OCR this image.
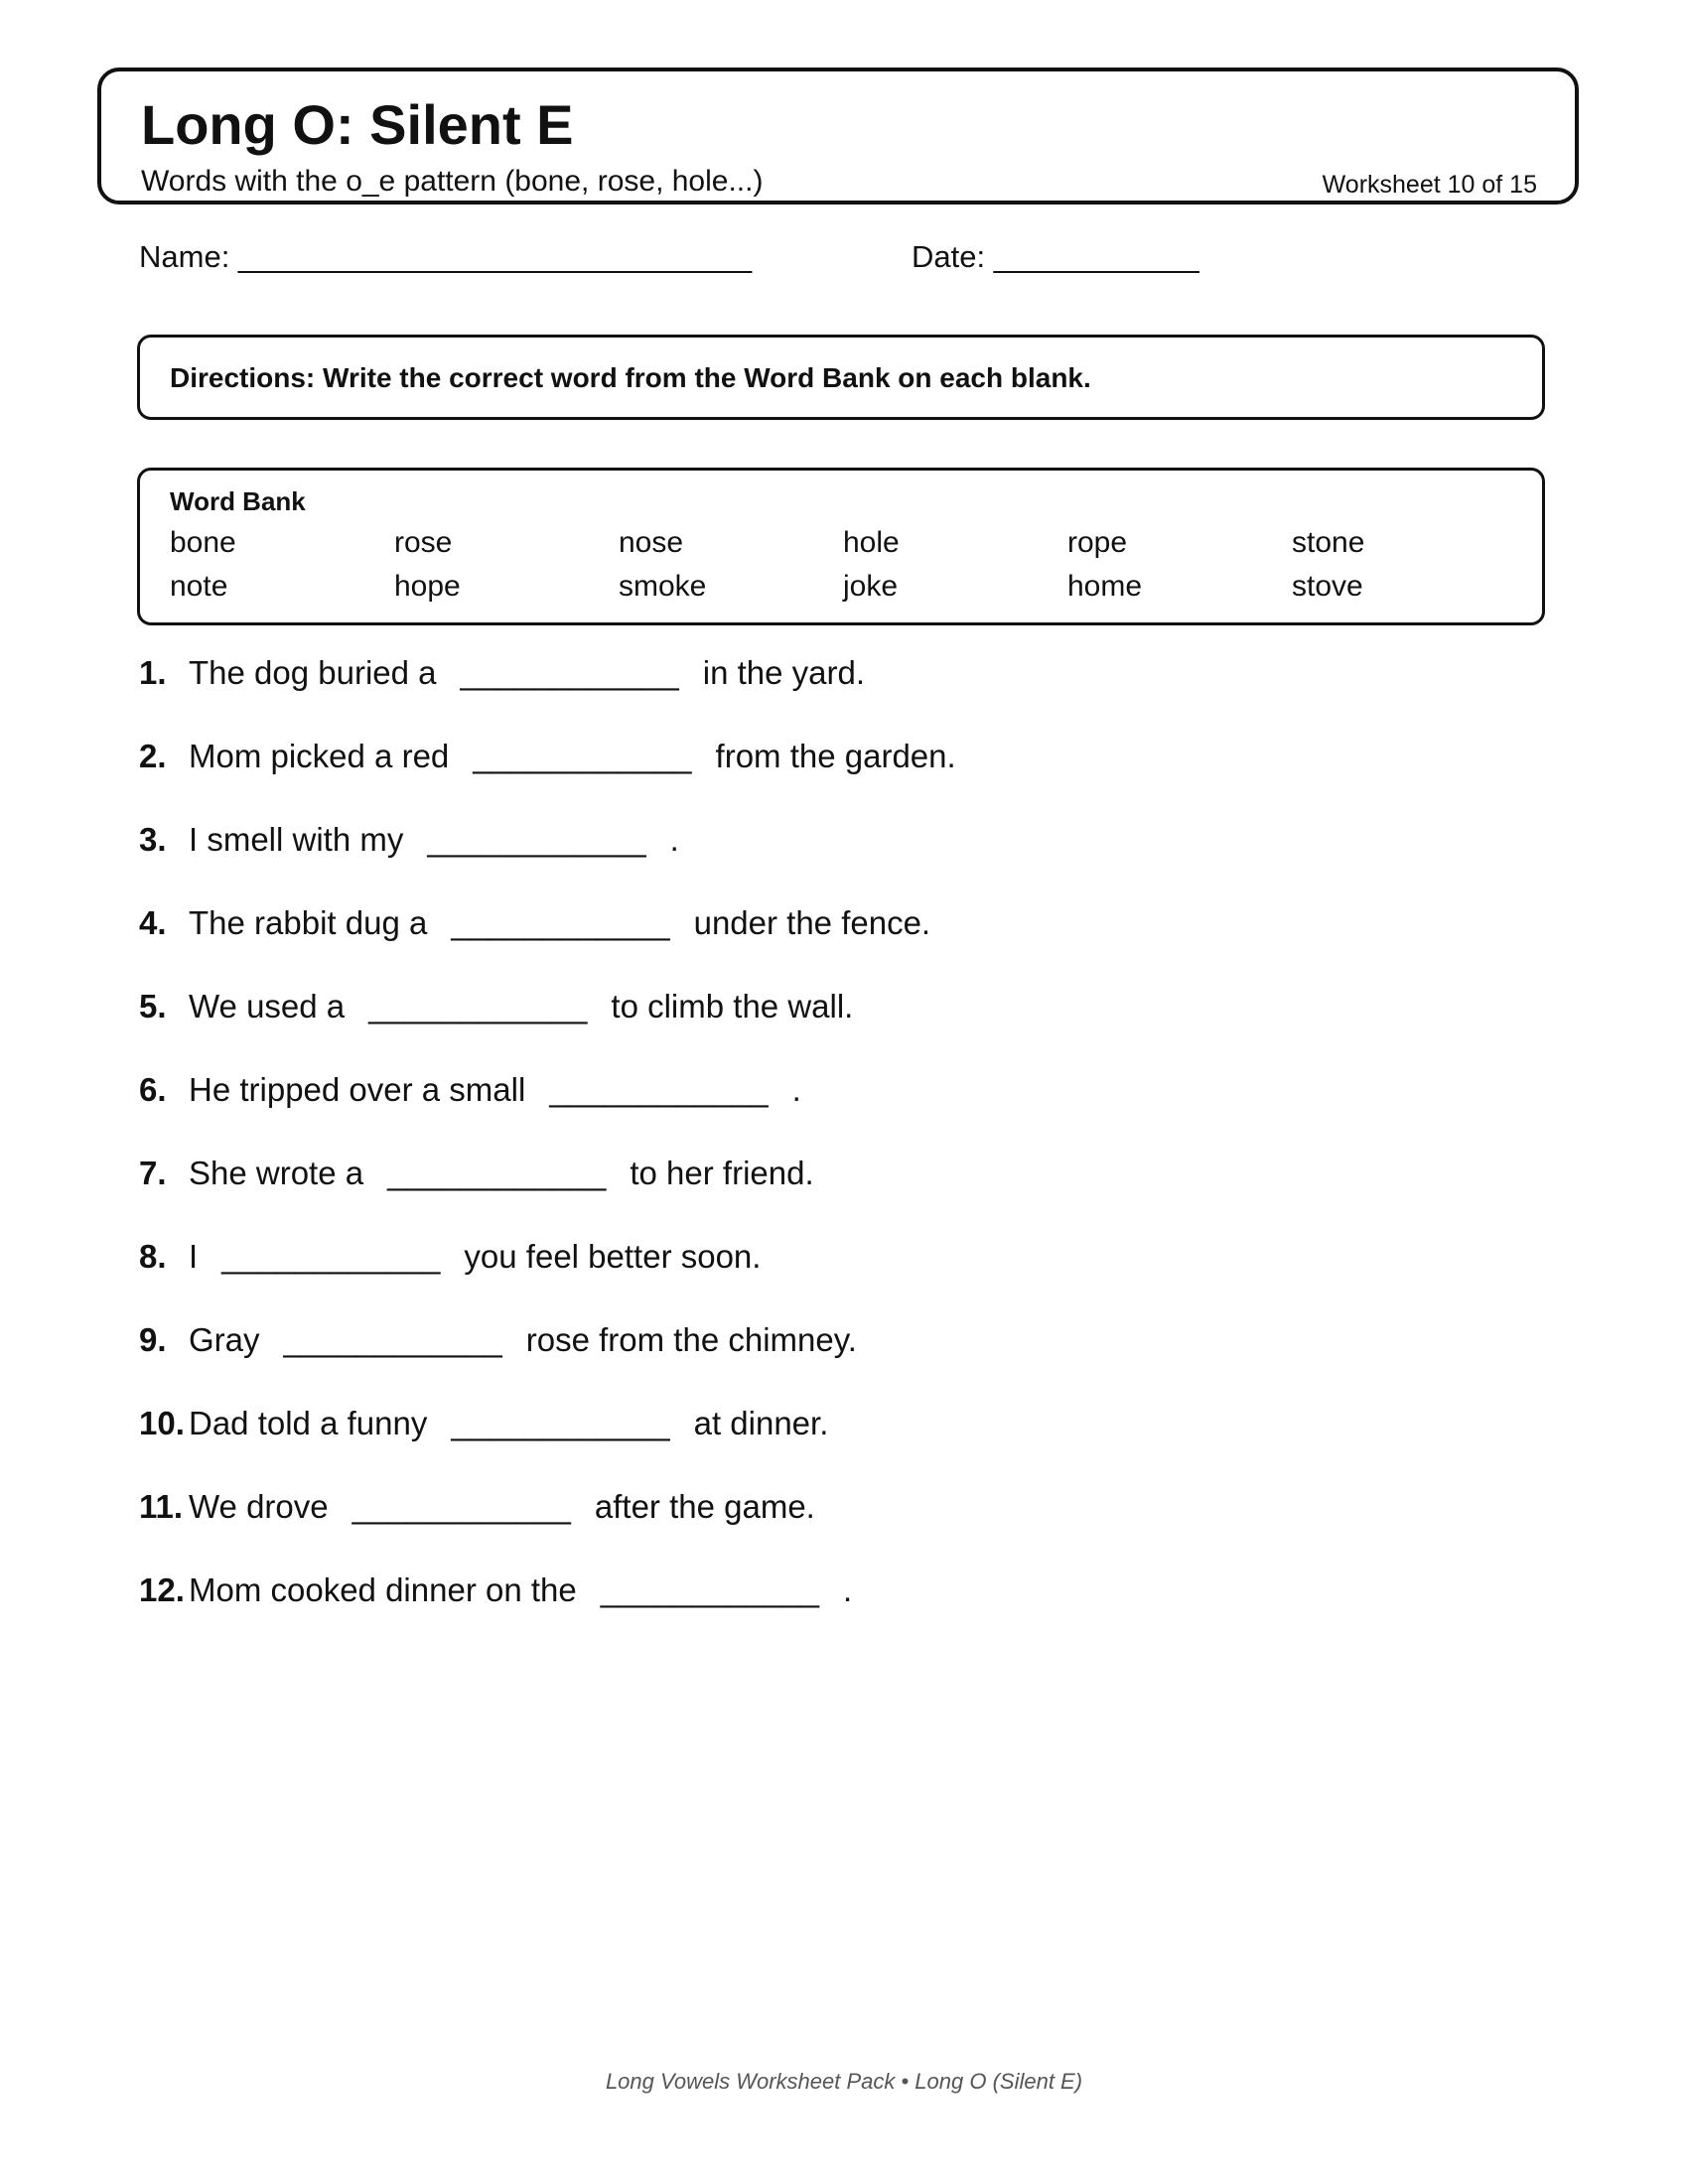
Long O: Silent E
Words with the o_e pattern (bone, rose, hole...)	Worksheet 10 of 15
Name: ______________________________	Date: ____________
Directions: Write the correct word from the Word Bank on each blank.
Word Bank
bone	rose	nose	hole	rope	stone
note	hope	smoke	joke	home	stove
1. The dog buried a ____________ in the yard.
2. Mom picked a red ____________ from the garden.
3. I smell with my ____________ .
4. The rabbit dug a ____________ under the fence.
5. We used a ____________ to climb the wall.
6. He tripped over a small ____________ .
7. She wrote a ____________ to her friend.
8. I ____________ you feel better soon.
9. Gray ____________ rose from the chimney.
10. Dad told a funny ____________ at dinner.
11. We drove ____________ after the game.
12. Mom cooked dinner on the ____________ .
Long Vowels Worksheet Pack • Long O (Silent E)
